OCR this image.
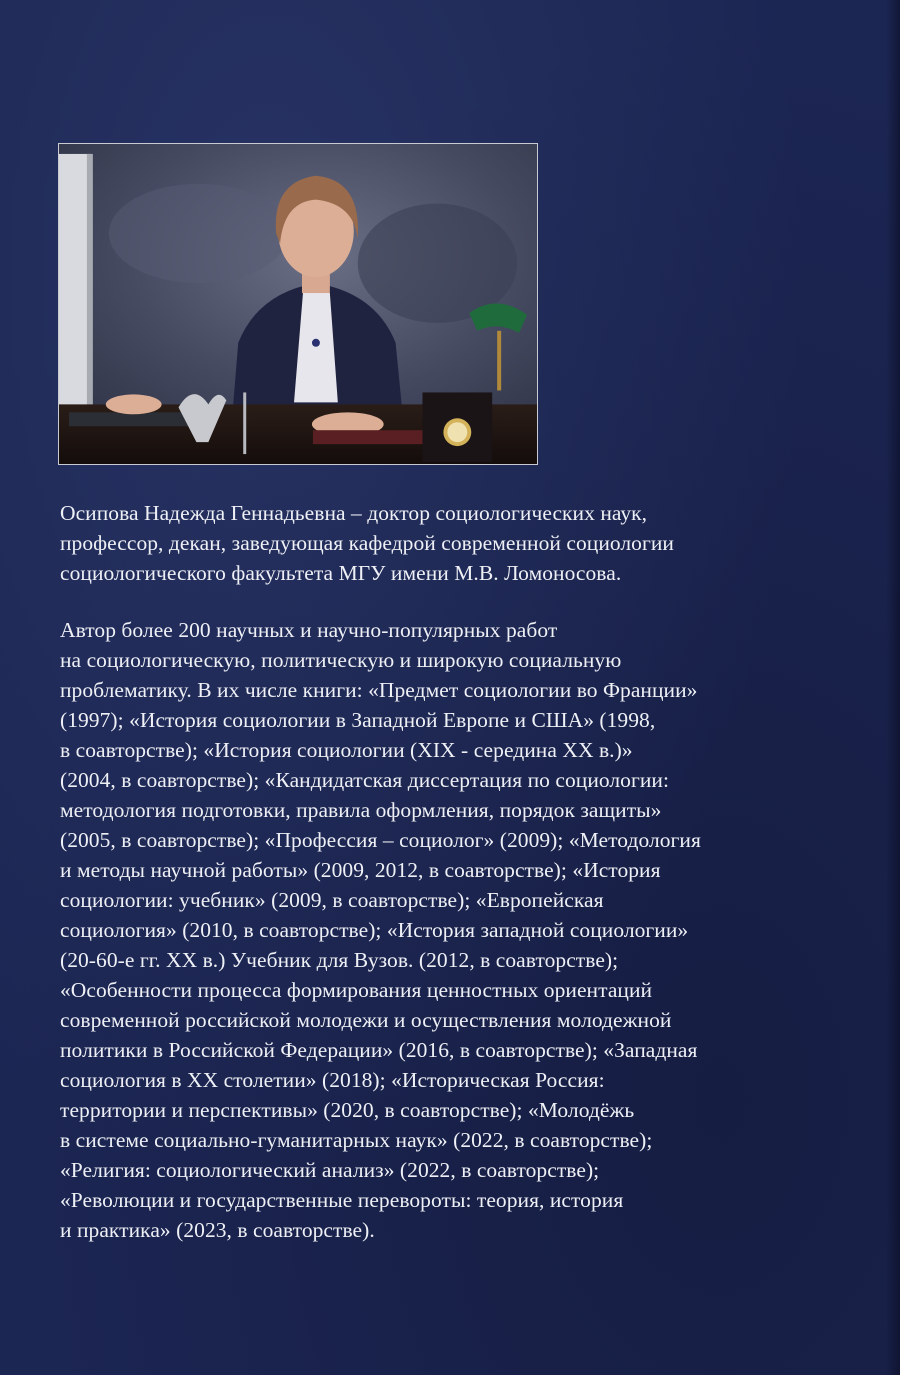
Осипова Надежда Геннадьевна – доктор социологических наук,
профессор, декан, заведующая кафедрой современной социологии
социологического факультета МГУ имени М.В. Ломоносова.
Автор более 200 научных и научно-популярных работ
на социологическую, политическую и широкую социальную
проблематику. В их числе книги: «Предмет социологии во Франции»
(1997); «История социологии в Западной Европе и США» (1998,
в соавторстве); «История социологии (XIX - середина XX в.)»
(2004, в соавторстве); «Кандидатская диссертация по социологии:
методология подготовки, правила оформления, порядок защиты»
(2005, в соавторстве); «Профессия – социолог» (2009); «Методология
и методы научной работы» (2009, 2012, в соавторстве); «История
социологии: учебник» (2009, в соавторстве); «Европейская
социология» (2010, в соавторстве); «История западной социологии»
(20-60-е гг. XX в.) Учебник для Вузов. (2012, в соавторстве);
«Особенности процесса формирования ценностных ориентаций
современной российской молодежи и осуществления молодежной
политики в Российской Федерации» (2016, в соавторстве); «Западная
социология в XX столетии» (2018); «Историческая Россия:
территории и перспективы» (2020, в соавторстве); «Молодёжь
в системе социально-гуманитарных наук» (2022, в соавторстве);
«Религия: социологический анализ» (2022, в соавторстве);
«Революции и государственные перевороты: теория, история
и практика» (2023, в соавторстве).
